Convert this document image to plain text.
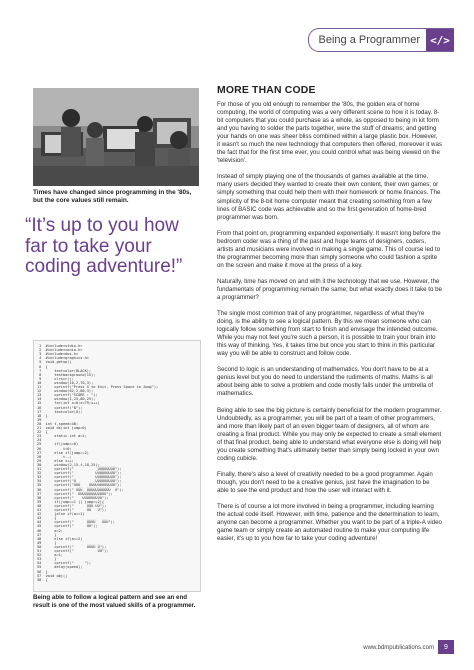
Being a Programmer </>
Times have changed since programming in the '80s, but the core values still remain.
“It’s up to you how far to take your coding adventure!”
1  #include<stdio.h>
2  #include<conio.h>
3  #include<dos.h>
4  #include<graphics.h>
5  void getup()
6  {
7      textcolor(BLACK);
8      textbackground(15);
9      clrscr();
10      window(10,2,70,3);
11      cprintf("Press X to Exit, Press Space to Jump");
12      window(62,2,80,3);
13      cprintf("SCORE : ");
14      window(1,25,80,25);
15      for(int x=0;x<79;x++)
16      cprintf("ß");
17      textcolor(0);
18  }
19
20  int t,speed=40;
21  void ds(int jump=0)
22  {
23      static int a=1;
24
25      if(jump==0)
26          t=0;
27      else if(jump==2)
28          t--;
29      else t++;
30      window(2,15-t,18,25);
31      cprintf("           ÛÛÛÛÛÛÛÛ");
32      cprintf("          ÛÛÜÛÛÛÛÛÛ");
33      cprintf("          ÛÛÛÛÛÛÛÛÛ");
34      cprintf("Û         ÛÛÛÛÛÛÛÛÛ");
35      cprintf("ÛÛÛ    ÛÛÛÛÛÛÛÛÛÛÛÛ");
36      cprintf(" ÛÛÛ  ÛÛÛÛÛÛÛÛÛÛÛ  Û");
37      cprintf("  ÛÛÛÛÛÛÛÛÛÛÛÛÛ");
38      cprintf("    ÛÛÛÛÛÛÛÛÛ");
39      if(jump==1 || jump==2){
40      cprintf("      ÛÛÛ ÛÛ");
41      cprintf("      ÛÛ   Û");
42      }else if(a==1)
43      {
44      cprintf("      ÛÛÛÛ   ÛÛÛ");
45      cprintf("      ÛÛ");
46      a=2;
47      }
48      else if(a==2)
49      {
50      cprintf("      ÛÛÛÛ Û");
51      cprintf("           ÛÛ");
52      a=1;
53      }
54      cprintf("     ");
55      delay(speed);
56  }
57  void obj()
58  {
Being able to follow a logical pattern and see an end result is one of the most valued skills of a programmer.
MORE THAN CODE

For those of you old enough to remember the '80s, the golden era of home computing, the world of computing was a very different scene to how it is today. 8-bit computers that you could purchase as a whole, as opposed to being in kit form and you having to solder the parts together, were the stuff of dreams; and getting your hands on one was sheer bliss combined within a large plastic box. However, it wasn't so much the new technology that computers then offered, moreover it was the fact that for the first time ever, you could control what was being viewed on the 'television'.

Instead of simply playing one of the thousands of games available at the time, many users decided they wanted to create their own content, their own games; or simply something that could help them with their homework or home finances. The simplicity of the 8-bit home computer meant that creating something from a few lines of BASIC code was achievable and so the first generation of home-bred programmer was born.

From that point on, programming expanded exponentially. It wasn't long before the bedroom coder was a thing of the past and huge teams of designers, coders, artists and musicians were involved in making a single game. This of course led to the programmer becoming more than simply someone who could fashion a sprite on the screen and make it move at the press of a key.

Naturally, time has moved on and with it the technology that we use. However, the fundamentals of programming remain the same; but what exactly does it take to be a programmer?

The single most common trait of any programmer, regardless of what they're doing, is the ability to see a logical pattern. By this we mean someone who can logically follow something from start to finish and envisage the intended outcome. While you may not feel you're such a person, it is possible to train your brain into this way of thinking. Yes, it takes time but once you start to think in this particular way you will be able to construct and follow code.

Second to logic is an understanding of mathematics. You don't have to be at a genius level but you do need to understand the rudiments of maths. Maths is all about being able to solve a problem and code mostly falls under the umbrella of mathematics.

Being able to see the big picture is certainly beneficial for the modern programmer. Undoubtedly, as a programmer, you will be part of a team of other programmers, and more than likely part of an even bigger team of designers, all of whom are creating a final product. While you may only be expected to create a small element of that final product, being able to understand what everyone else is doing will help you create something that's ultimately better than simply being locked in your own coding cubicle.

Finally, there's also a level of creativity needed to be a good programmer. Again though, you don't need to be a creative genius, just have the imagination to be able to see the end product and how the user will interact with it.

There is of course a lot more involved in being a programmer, including learning the actual code itself. However, with time, patience and the determination to learn, anyone can become a programmer. Whether you want to be part of a triple-A video game team or simply create an automated routine to make your computing life easier, it's up to you how far to take your coding adventure!

www.bdmpublications.com	9
